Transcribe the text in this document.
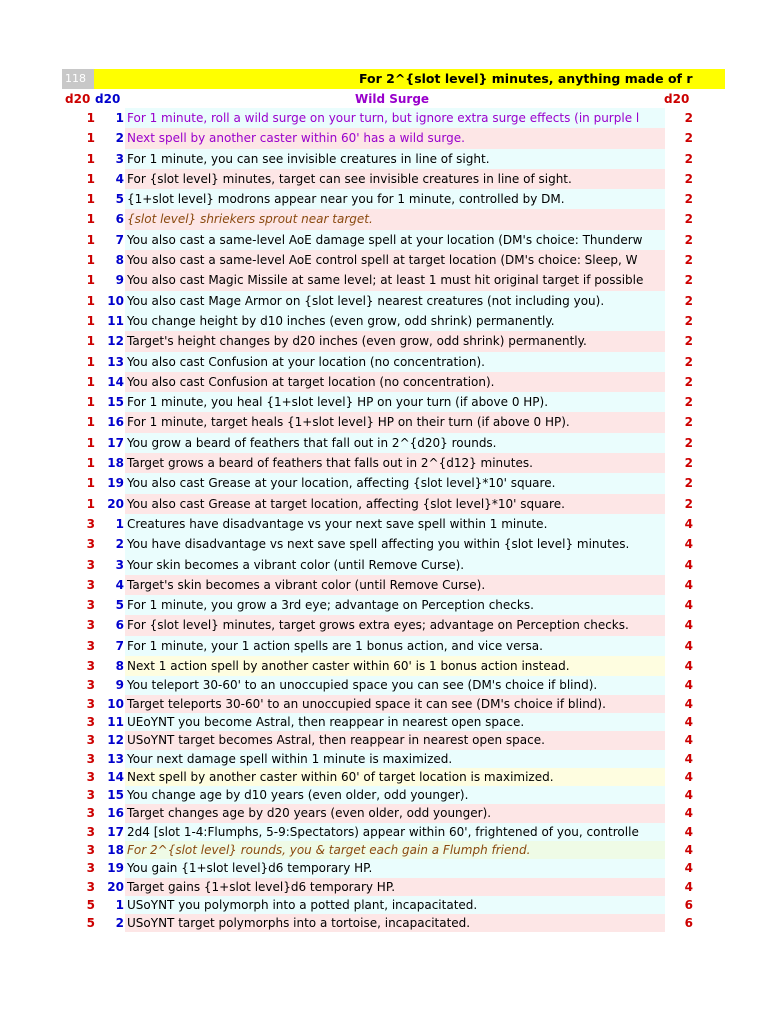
118	For 2^{slot level} minutes, anything made of r
d20 d20	Wild Surge	d20
1	1 For 1 minute, roll a wild surge on your turn, but ignore extra surge effects (in purple l	2
1	2 Next spell by another caster within 60' has a wild surge.	2
1	3 For 1 minute, you can see invisible creatures in line of sight.	2
1	4 For {slot level} minutes, target can see invisible creatures in line of sight.	2
1	5 {1+slot level} modrons appear near you for 1 minute, controlled by DM.	2
1	6 {slot level} shriekers sprout near target.	2
1	7 You also cast a same-level AoE damage spell at your location (DM's choice: Thunderw	2
1	8 You also cast a same-level AoE control spell at target location (DM's choice: Sleep, W	2
1	9 You also cast Magic Missile at same level; at least 1 must hit original target if possible	2
1	10 You also cast Mage Armor on {slot level} nearest creatures (not including you).	2
1	11 You change height by d10 inches (even grow, odd shrink) permanently.	2
1	12 Target's height changes by d20 inches (even grow, odd shrink) permanently.	2
1	13 You also cast Confusion at your location (no concentration).	2
1	14 You also cast Confusion at target location (no concentration).	2
1	15 For 1 minute, you heal {1+slot level} HP on your turn (if above 0 HP).	2
1	16 For 1 minute, target heals {1+slot level} HP on their turn (if above 0 HP).	2
1	17 You grow a beard of feathers that fall out in 2^{d20} rounds.	2
1	18 Target grows a beard of feathers that falls out in 2^{d12} minutes.	2
1	19 You also cast Grease at your location, affecting {slot level}*10' square.	2
1	20 You also cast Grease at target location, affecting {slot level}*10' square.	2
3	1 Creatures have disadvantage vs your next save spell within 1 minute.	4
3	2 You have disadvantage vs next save spell affecting you within {slot level} minutes.	4
3	3 Your skin becomes a vibrant color (until Remove Curse).	4
3	4 Target's skin becomes a vibrant color (until Remove Curse).	4
3	5 For 1 minute, you grow a 3rd eye; advantage on Perception checks.	4
3	6 For {slot level} minutes, target grows extra eyes; advantage on Perception checks.	4
3	7 For 1 minute, your 1 action spells are 1 bonus action, and vice versa.	4
3	8 Next 1 action spell by another caster within 60' is 1 bonus action instead.	4
3	9 You teleport 30-60' to an unoccupied space you can see (DM's choice if blind).	4
3	10 Target teleports 30-60' to an unoccupied space it can see (DM's choice if blind).	4
3	11 UEoYNT you become Astral, then reappear in nearest open space.	4
3	12 USoYNT target becomes Astral, then reappear in nearest open space.	4
3	13 Your next damage spell within 1 minute is maximized.	4
3	14 Next spell by another caster within 60' of target location is maximized.	4
3	15 You change age by d10 years (even older, odd younger).	4
3	16 Target changes age by d20 years (even older, odd younger).	4
3	17 2d4 [slot 1-4:Flumphs, 5-9:Spectators) appear within 60', frightened of you, controlle	4
3	18 For 2^{slot level} rounds, you & target each gain a Flumph friend.	4
3	19 You gain {1+slot level}d6 temporary HP.	4
3	20 Target gains {1+slot level}d6 temporary HP.	4
5	1 USoYNT you polymorph into a potted plant, incapacitated.	6
5	2 USoYNT target polymorphs into a tortoise, incapacitated.	6
